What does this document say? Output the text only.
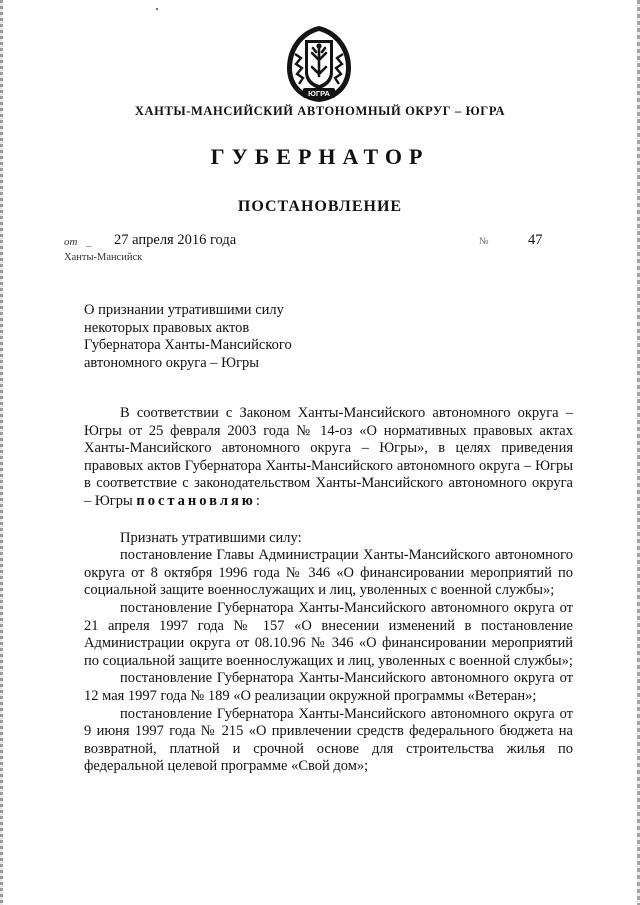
ЮГРА
ХАНТЫ-МАНСИЙСКИЙ АВТОНОМНЫЙ ОКРУГ – ЮГРА
ГУБЕРНАТОР
ПОСТАНОВЛЕНИЕ
от _ 27 апреля 2016 года	№	47
Ханты-Мансийск
О признании утратившими силу
некоторых правовых актов
Губернатора Ханты-Мансийского
автономного округа – Югры

В соответствии с Законом Ханты-Мансийского автономного округа – Югры от 25 февраля 2003 года № 14-оз «О нормативных правовых актах Ханты-Мансийского автономного округа – Югры», в целях приведения правовых актов Губернатора Ханты-Мансийского автономного округа – Югры в соответствие с законодательством Ханты-Мансийского автономного округа – Югры постановляю:

Признать утратившими силу:

постановление Главы Администрации Ханты-Мансийского автономного округа от 8 октября 1996 года № 346 «О финансировании мероприятий по социальной защите военнослужащих и лиц, уволенных с военной службы»;

постановление Губернатора Ханты-Мансийского автономного округа от 21 апреля 1997 года № 157 «О внесении изменений в постановление Администрации округа от 08.10.96 № 346 «О финансировании мероприятий по социальной защите военнослужащих и лиц, уволенных с военной службы»;

постановление Губернатора Ханты-Мансийского автономного округа от 12 мая 1997 года № 189 «О реализации окружной программы «Ветеран»;

постановление Губернатора Ханты-Мансийского автономного округа от 9 июня 1997 года № 215 «О привлечении средств федерального бюджета на возвратной, платной и срочной основе для строительства жилья по федеральной целевой программе «Свой дом»;
